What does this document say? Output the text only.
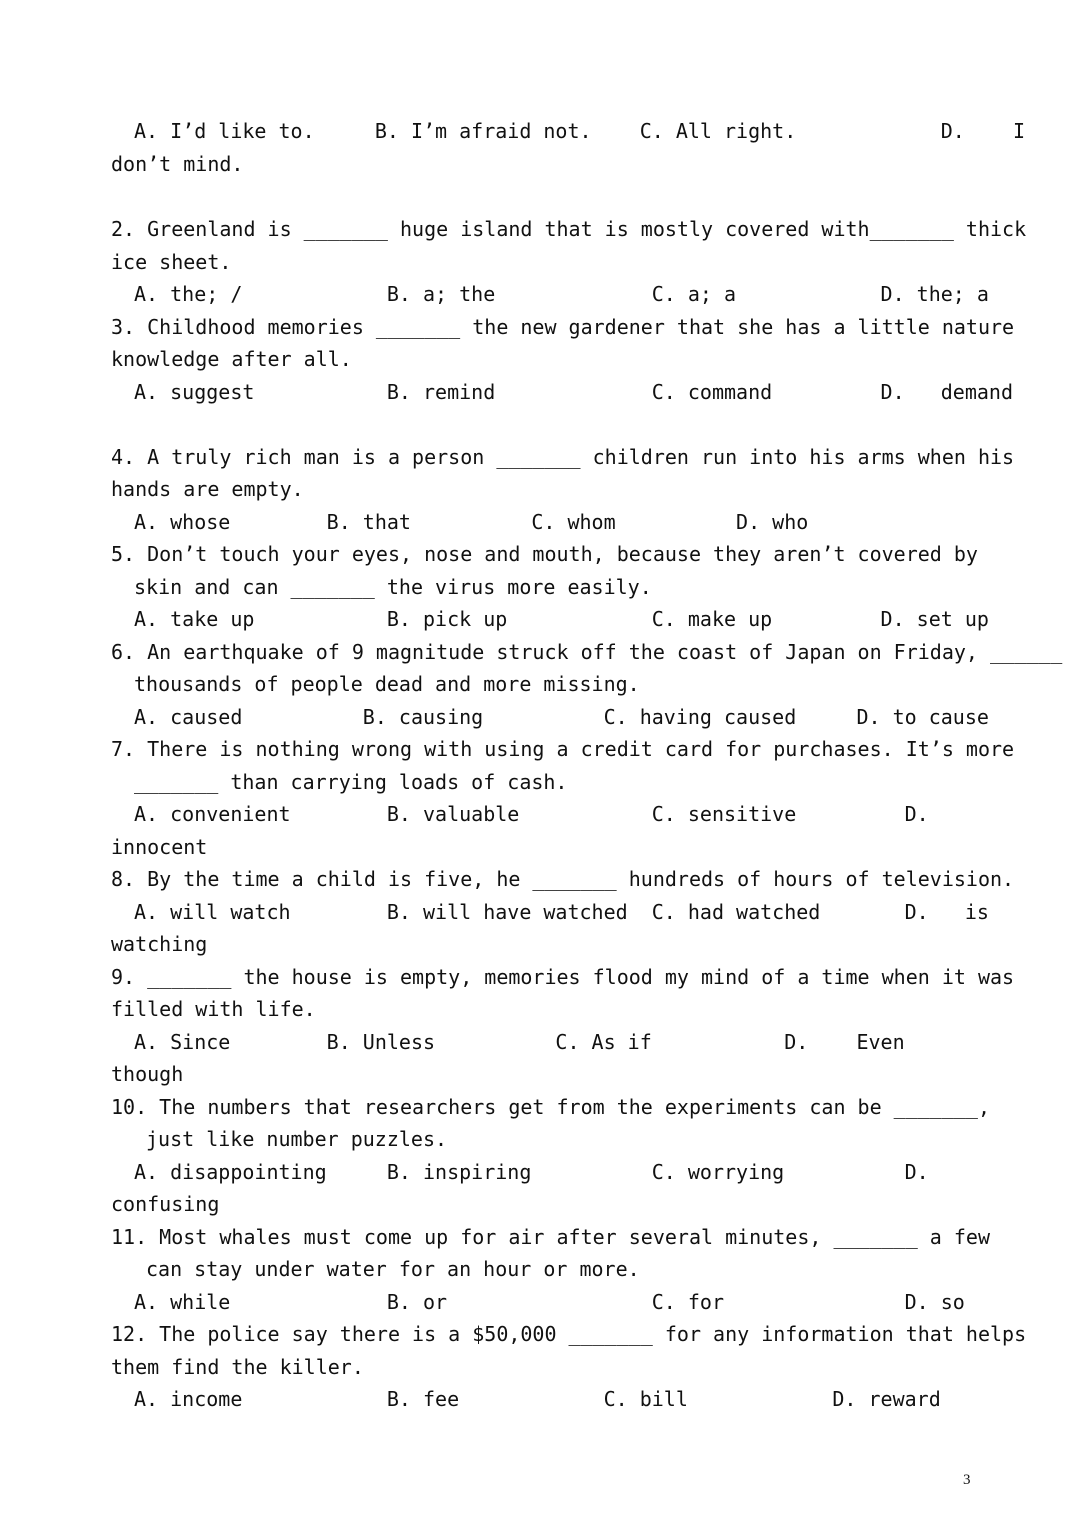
A. I’d like to.     B. I’m afraid not.    C. All right.            D.    I
don’t mind.
2. Greenland is _______ huge island that is mostly covered with_______ thick
ice sheet.
A. the; /            B. a; the             C. a; a            D. the; a
3. Childhood memories _______ the new gardener that she has a little nature
knowledge after all.
A. suggest           B. remind             C. command         D.   demand
4. A truly rich man is a person _______ children run into his arms when his
hands are empty.
A. whose        B. that          C. whom          D. who
5. Don’t touch your eyes, nose and mouth, because they aren’t covered by
skin and can _______ the virus more easily.
A. take up           B. pick up            C. make up         D. set up
6. An earthquake of 9 magnitude struck off the coast of Japan on Friday, ______
thousands of people dead and more missing.
A. caused          B. causing          C. having caused     D. to cause
7. There is nothing wrong with using a credit card for purchases. It’s more
_______ than carrying loads of cash.
A. convenient        B. valuable           C. sensitive         D.
innocent
8. By the time a child is five, he _______ hundreds of hours of television.
A. will watch        B. will have watched  C. had watched       D.   is
watching
9. _______ the house is empty, memories flood my mind of a time when it was
filled with life.
A. Since        B. Unless          C. As if           D.    Even
though
10. The numbers that researchers get from the experiments can be _______,
just like number puzzles.
A. disappointing     B. inspiring          C. worrying          D.
confusing
11. Most whales must come up for air after several minutes, _______ a few
can stay under water for an hour or more.
A. while             B. or                 C. for               D. so
12. The police say there is a $50,000 _______ for any information that helps
them find the killer.
A. income            B. fee            C. bill            D. reward
3
